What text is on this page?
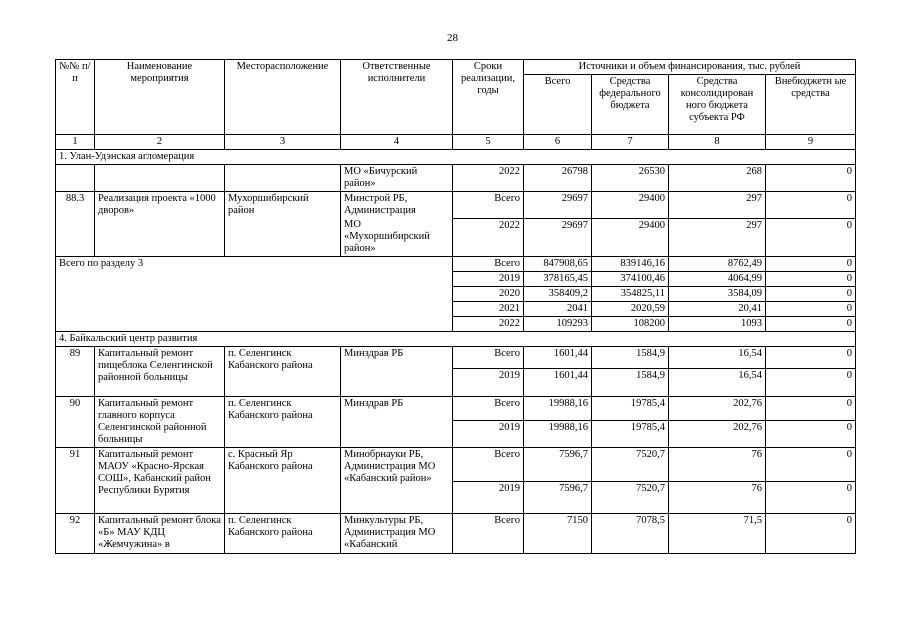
28
№№ п/п	Наименование мероприятия	Месторасположение	Ответственные исполнители	Сроки реализации, годы	Источники и объем финансирования, тыс. рублей			
					Всего	Средства федерального бюджета	Средства консолидирован ного бюджета субъекта РФ	Внебюджетн ые средства
1	2	3	4	5	6	7	8	9
1. Улан-Удэнская агломерация								
			МО «Бичурский район»	2022	26798	26530	268	0
88.3	Реализация проекта «1000 дворов»	Мухоршибирский район	Минстрой РБ, Администрация	Всего	29697	29400	297	0
			МО «Мухоршибирский район»	2022	29697	29400	297	0
Всего по разделу 3				Всего	847908,65	839146,16	8762,49	0
				2019	378165,45	374100,46	4064,99	0
				2020	358409,2	354825,11	3584,09	0
				2021	2041	2020,59	20,41	0
				2022	109293	108200	1093	0
4. Байкальский центр развития								
89	Капитальный ремонт пищеблока Селенгинской районной больницы	п. Селенгинск Кабанского района	Минздрав РБ	Всего	1601,44	1584,9	16,54	0
				2019	1601,44	1584,9	16,54	0
90	Капитальный ремонт главного корпуса Селенгинской районной больницы	п. Селенгинск Кабанского района	Минздрав РБ	Всего	19988,16	19785,4	202,76	0
				2019	19988,16	19785,4	202,76	0
91	Капитальный ремонт МАОУ «Красно-Ярская СОШ», Кабанский район Республики Бурятия	с. Красный Яр Кабанского района	Минобрнауки РБ, Администрация МО «Кабанский район»	Всего	7596,7	7520,7	76	0
				2019	7596,7	7520,7	76	0
92	Капитальный ремонт блока «Б» МАУ КДЦ «Жемчужина» в	п. Селенгинск Кабанского района	Минкультуры РБ, Администрация МО «Кабанский	Всего	7150	7078,5	71,5	0
